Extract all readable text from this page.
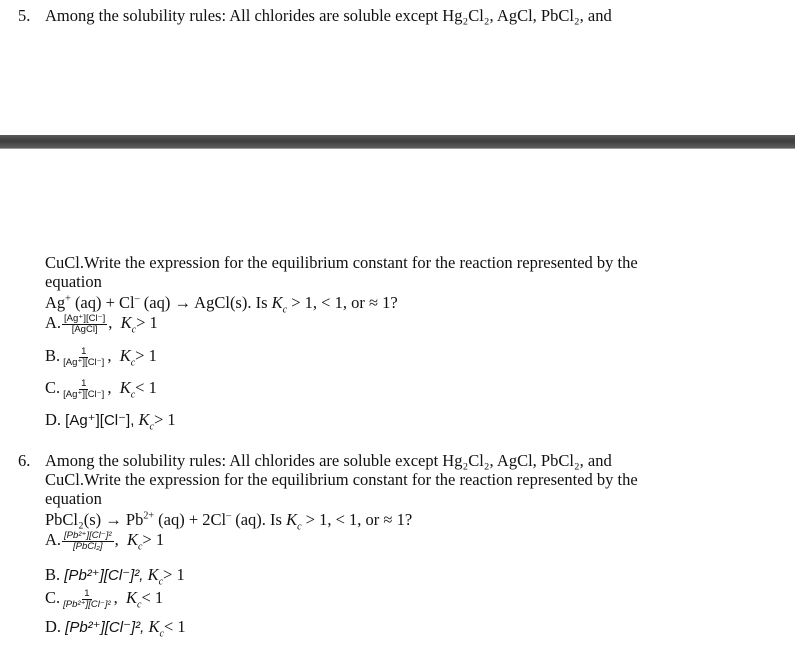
5. Among the solubility rules: All chlorides are soluble except Hg₂Cl₂, AgCl, PbCl₂, and
CuCl.Write the expression for the equilibrium constant for the reaction represented by the
equation
Ag+ (aq) + Cl– (aq) → AgCl(s). Is $K_c > 1$, < 1, or ≈ 1?
A. $\frac{[Ag^+][Cl^-]}{\text{[AgCl]}}$ , $K_c> 1$
B. $\frac{1}{[Ag^+][Cl^-]}$ , $K_c> 1$
C. $\frac{1}{[Ag^+][Cl^-]}$ , $K_c< 1$
D. [Ag⁺][Cl⁻], $K_c> 1$
6. Among the solubility rules: All chlorides are soluble except Hg₂Cl₂, AgCl, PbCl₂, and
CuCl.Write the expression for the equilibrium constant for the reaction represented by the
equation
PbCl₂(s) → $Pb^{2+}$ (aq) + 2Cl– (aq). Is $K_c > 1$, < 1, or ≈ 1?
A. $\frac{\text{[Pb²⁺][Cl⁻]²}}{\text{[PbCl₂]}}$ , $K_c> 1$
B. [Pb²⁺][Cl⁻]², $K_c> 1$
C. $\frac{1}{\text{[Pb²⁺][Cl⁻]²}}$ , $K_c< 1$
D. [Pb²⁺][Cl⁻]², $K_c< 1$
